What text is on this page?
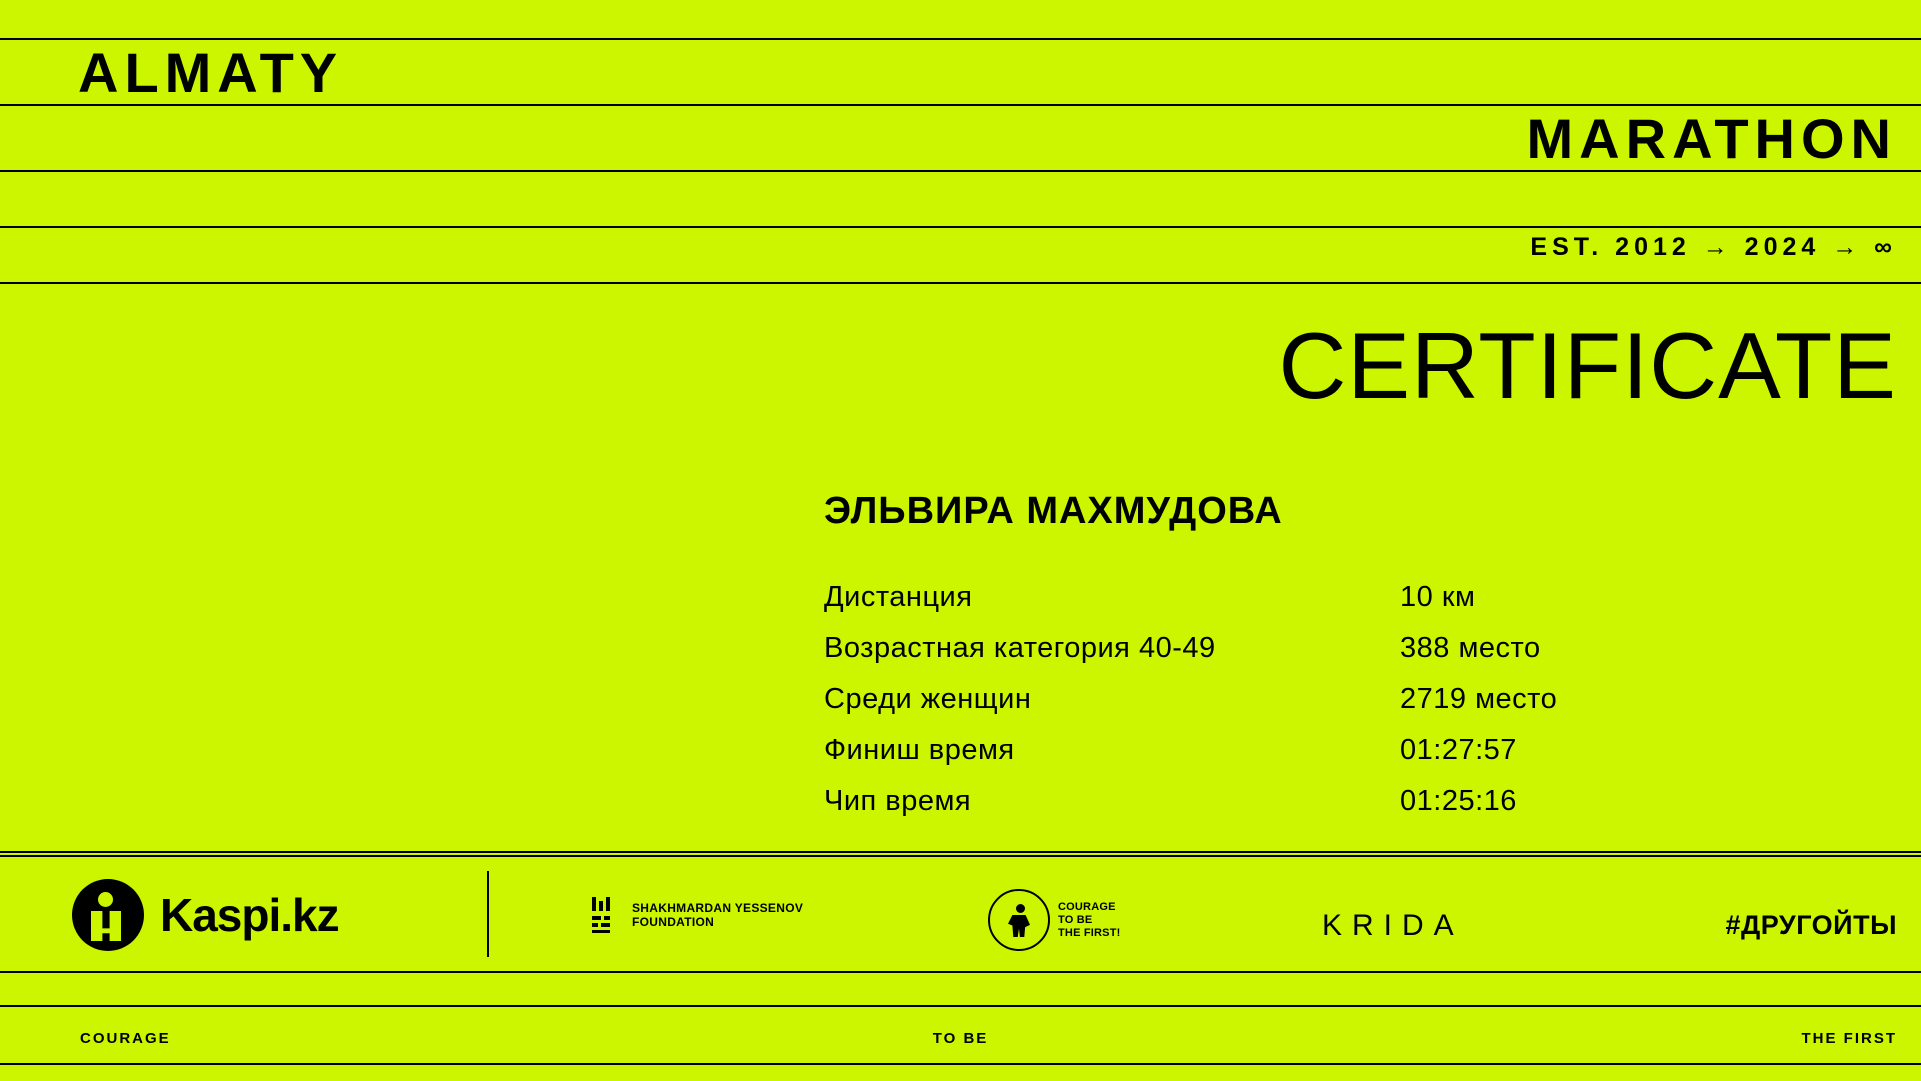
ALMATY
MARATHON
EST. 2012 → 2024 → ∞
CERTIFICATE
ЭЛЬВИРА МАХМУДОВА
Дистанция	10 км
Возрастная категория 40-49	388 место
Среди женщин	2719 место
Финиш время	01:27:57
Чип время	01:25:16
Kaspi.kz	SHAKHMARDAN YESSENOV
FOUNDATION
COURAGE
TO BE
THE FIRST!	KRIDA	#ДРУГОЙТЫ
COURAGE	TO BE	THE FIRST
